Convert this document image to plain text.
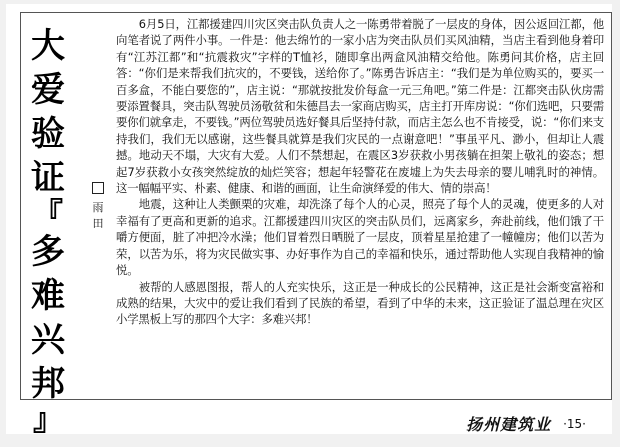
大
爱
验
证
『
多
难
兴
邦
』
雨
田

6月5日，江都援建四川灾区突击队负责人之一陈勇带着脱了一层皮的身体，因公返回江都，他向笔者说了两件小事。一件是：他去绵竹的一家小店为突击队员们买风油精，当店主看到他身着印有“江苏江都”和“抗震救灾”字样的T恤衫，随即拿出两盒风油精交给他。陈勇问其价格，店主回答：“你们是来帮我们抗灾的，不要钱，送给你了。”陈勇告诉店主：“我们是为单位购买的，要买一百多盒，不能白要您的”，店主说：“那就按批发价每盒一元三角吧。”第二件是：江都突击队伙房需要添置餐具，突击队驾驶员汤敬贫和朱德昌去一家商店购买，店主打开库房说：“你们选吧，只要需要你们就拿走，不要钱。”两位驾驶员选好餐具后坚持付款，而店主怎么也不肯接受，说：“你们来支持我们，我们无以感谢，这些餐具就算是我们灾民的一点谢意吧！”事虽平凡、渺小，但却让人震撼。地动天不塌，大灾有大爱。人们不禁想起，在震区3岁获救小男孩躺在担架上敬礼的姿态；想起7岁获救小女孩突然绽放的灿烂笑容；想起年轻警花在废墟上为失去母亲的婴儿哺乳时的神情。这一幅幅平实、朴素、健康、和谐的画面，让生命演绎爱的伟大、情的崇高！

地震，这种让人类颤栗的灾难，却洗涤了每个人的心灵，照亮了每个人的灵魂，使更多的人对幸福有了更高和更新的追求。江都援建四川灾区的突击队员们，远离家乡，奔赴前线，他们饿了干嚼方便面，脏了冲把冷水澡；他们冒着烈日晒脱了一层皮，顶着星星抢建了一幢幢房；他们以苦为荣，以苦为乐，将为灾民做实事、办好事作为自己的幸福和快乐，通过帮助他人实现自我精神的愉悦。

被帮的人感恩图报，帮人的人充实快乐，这正是一种成长的公民精神，这正是社会渐变富裕和成熟的结果，大灾中的爱让我们看到了民族的希望，看到了中华的未来，这正验证了温总理在灾区小学黑板上写的那四个大字：多难兴邦！

扬州建筑业 ·15·
